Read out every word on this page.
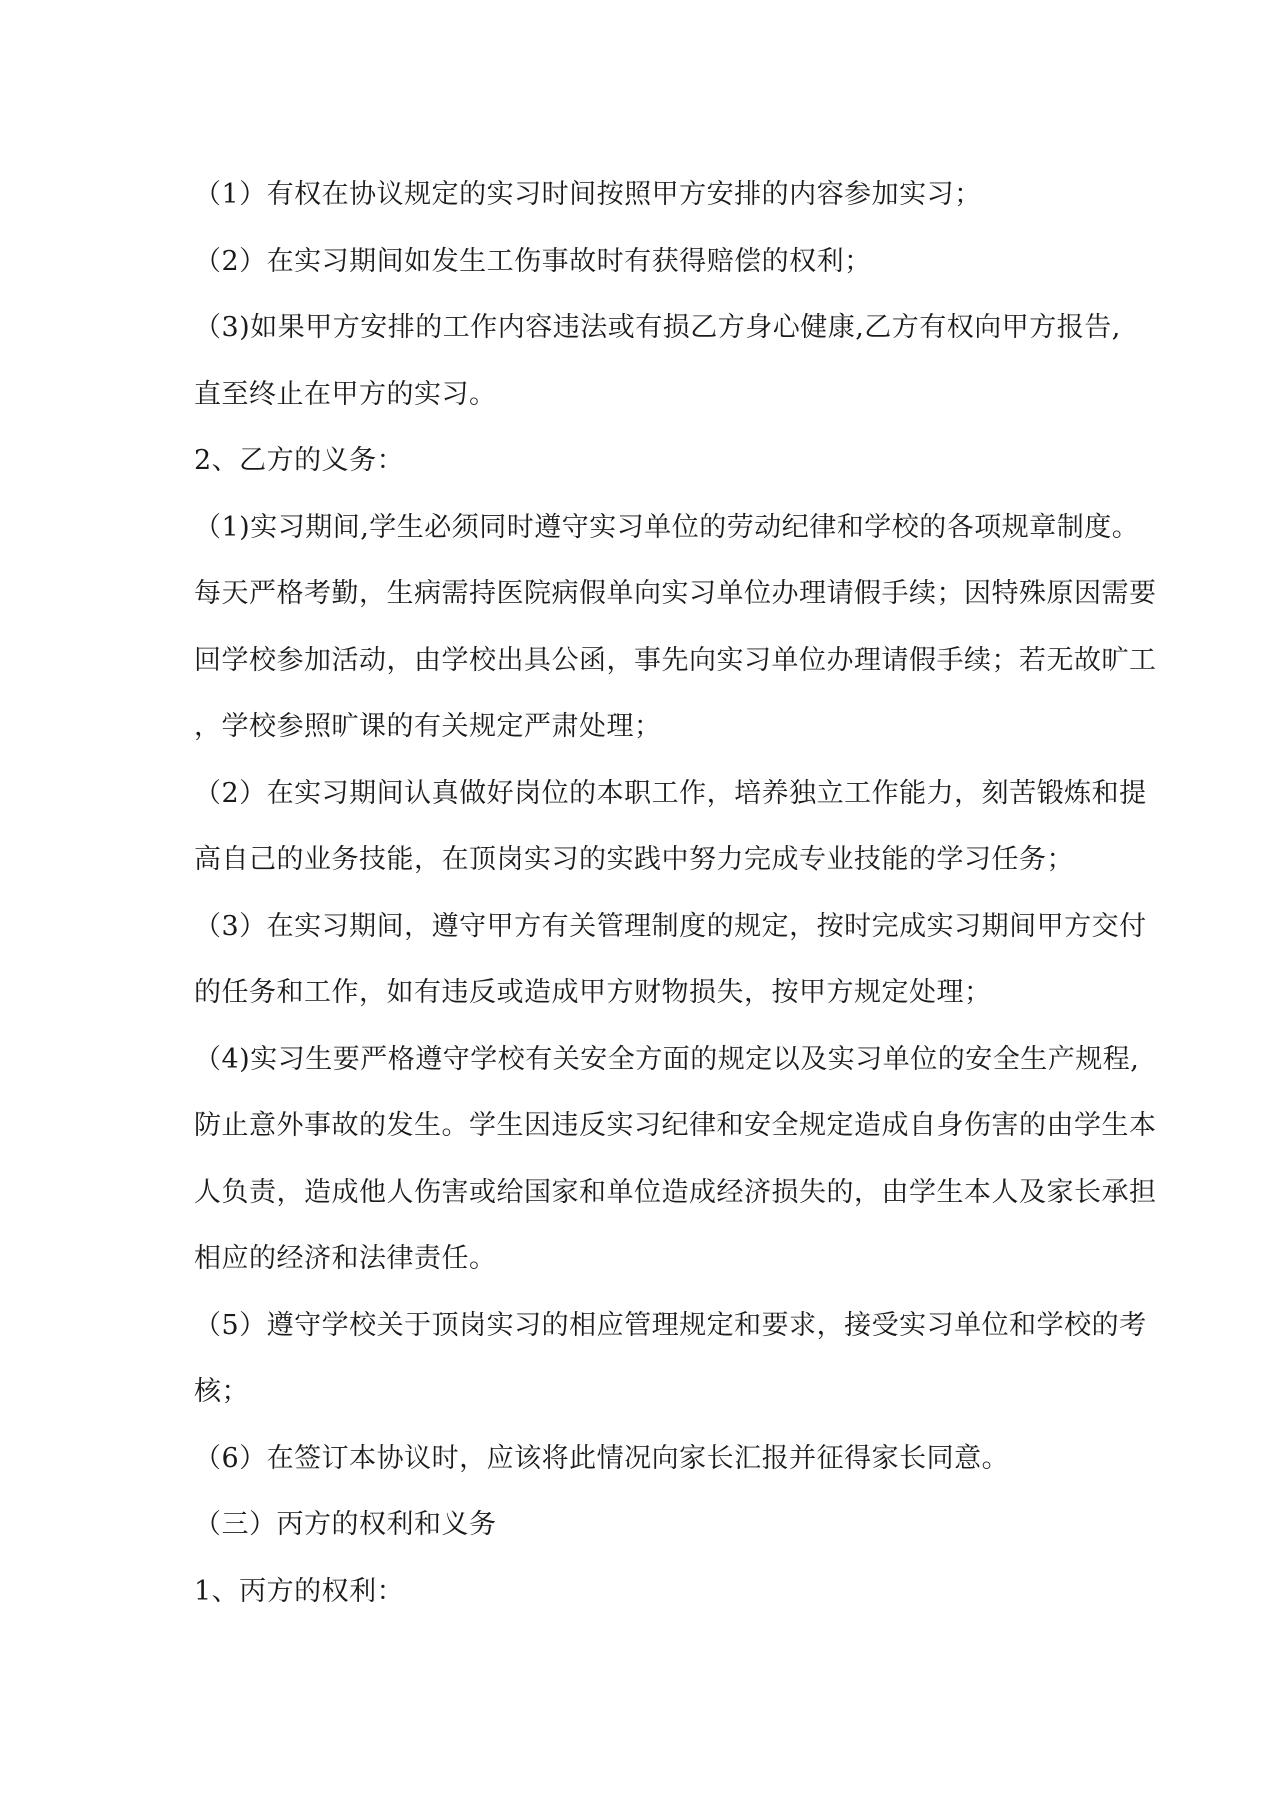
（1）有权在协议规定的实习时间按照甲方安排的内容参加实习；
（2）在实习期间如发生工伤事故时有获得赔偿的权利；
（3)如果甲方安排的工作内容违法或有损乙方身心健康,乙方有权向甲方报告,
直至终止在甲方的实习。
2、乙方的义务：
（1)实习期间,学生必须同时遵守实习单位的劳动纪律和学校的各项规章制度。
每天严格考勤，生病需持医院病假单向实习单位办理请假手续；因特殊原因需要
回学校参加活动，由学校出具公函，事先向实习单位办理请假手续；若无故旷工
，学校参照旷课的有关规定严肃处理；
（2）在实习期间认真做好岗位的本职工作，培养独立工作能力，刻苦锻炼和提
高自己的业务技能，在顶岗实习的实践中努力完成专业技能的学习任务；
（3）在实习期间，遵守甲方有关管理制度的规定，按时完成实习期间甲方交付
的任务和工作，如有违反或造成甲方财物损失，按甲方规定处理；
（4)实习生要严格遵守学校有关安全方面的规定以及实习单位的安全生产规程,
防止意外事故的发生。学生因违反实习纪律和安全规定造成自身伤害的由学生本
人负责，造成他人伤害或给国家和单位造成经济损失的，由学生本人及家长承担
相应的经济和法律责任。
（5）遵守学校关于顶岗实习的相应管理规定和要求，接受实习单位和学校的考
核；
（6）在签订本协议时，应该将此情况向家长汇报并征得家长同意。
（三）丙方的权利和义务
1、丙方的权利：
